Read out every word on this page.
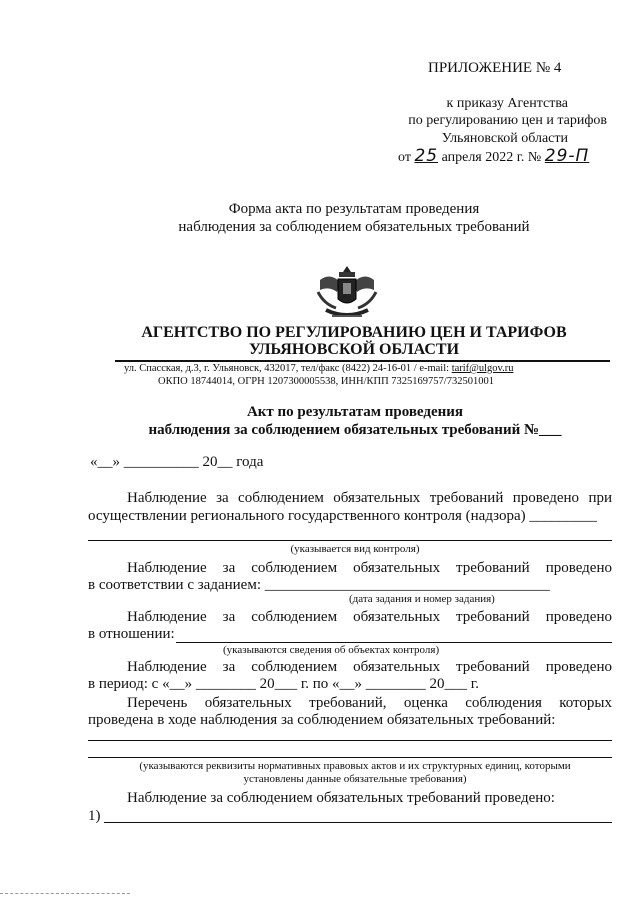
ПРИЛОЖЕНИЕ № 4
к приказу Агентства
по регулированию цен и тарифов
Ульяновской области
от 25 апреля 2022 г. № 29-П
Форма акта по результатам проведения
наблюдения за соблюдением обязательных требований
АГЕНТСТВО ПО РЕГУЛИРОВАНИЮ ЦЕН И ТАРИФОВ
УЛЬЯНОВСКОЙ ОБЛАСТИ
ул. Спасская, д.3, г. Ульяновск, 432017, тел/факс (8422) 24-16-01 / e-mail: tarif@ulgov.ru
ОКПО 18744014, ОГРН 1207300005538, ИНН/КПП 7325169757/732501001
Акт по результатам проведения
наблюдения за соблюдением обязательных требований №___
«__» __________ 20__ года
Наблюдение за соблюдением обязательных требований проведено при
осуществлении регионального государственного контроля (надзора) _________
(указывается вид контроля)
Наблюдение за соблюдением обязательных требований проведено
в соответствии с заданием: ______________________________________
(дата задания и номер задания)
Наблюдение за соблюдением обязательных требований проведено
в отношении:
(указываются сведения об объектах контроля)
Наблюдение за соблюдением обязательных требований проведено
в период: с «__» ________ 20___ г. по «__» ________ 20___ г.
Перечень обязательных требований, оценка соблюдения которых
проведена в ходе наблюдения за соблюдением обязательных требований:
(указываются реквизиты нормативных правовых актов и их структурных единиц, которыми
установлены данные обязательные требования)
Наблюдение за соблюдением обязательных требований проведено:
1)
